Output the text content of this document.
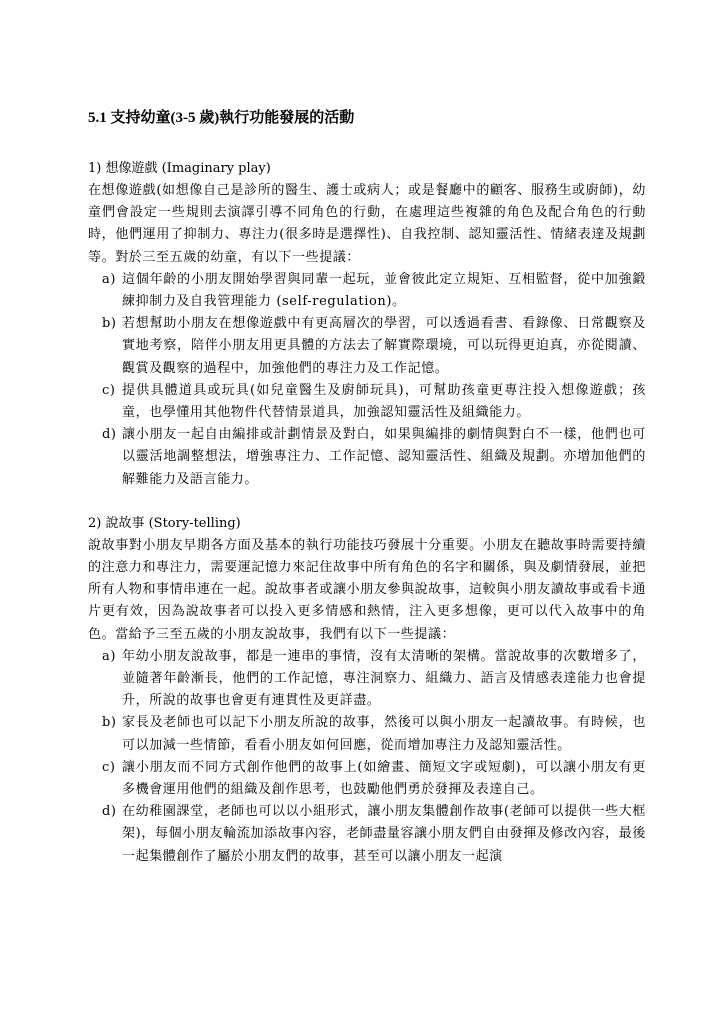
5.1 支持幼童(3-5 歲)執行功能發展的活動

1) 想像遊戲 (Imaginary play)

在想像遊戲(如想像自己是診所的醫生、護士或病人；或是餐廳中的顧客、服務生或廚師)，幼童們會設定一些規則去演譯引導不同角色的行動，在處理這些複雜的角色及配合角色的行動時，他們運用了抑制力、專注力(很多時是選擇性)、自我控制、認知靈活性、情緒表達及規劃等。對於三至五歲的幼童，有以下一些提議：

a) 這個年齡的小朋友開始學習與同輩一起玩，並會彼此定立規矩、互相監督，從中加強鍛練抑制力及自我管理能力 (self-regulation)。
b) 若想幫助小朋友在想像遊戲中有更高層次的學習，可以透過看書、看錄像、日常觀察及實地考察，陪伴小朋友用更具體的方法去了解實際環境，可以玩得更迫真，亦從閱讀、觀賞及觀察的過程中，加強他們的專注力及工作記憶。
c) 提供具體道具或玩具(如兒童醫生及廚師玩具)，可幫助孩童更專注投入想像遊戲；孩童，也學懂用其他物件代替情景道具，加強認知靈活性及組織能力。
d) 讓小朋友一起自由編排或計劃情景及對白，如果與編排的劇情與對白不一樣，他們也可以靈活地調整想法，增強專注力、工作記憶、認知靈活性、組織及規劃。亦增加他們的解難能力及語言能力。

2) 說故事 (Story-telling)

說故事對小朋友早期各方面及基本的執行功能技巧發展十分重要。小朋友在聽故事時需要持續的注意力和專注力，需要運記憶力來記住故事中所有角色的名字和關係，與及劇情發展，並把所有人物和事情串連在一起。說故事者或讓小朋友參與說故事，這較與小朋友讀故事或看卡通片更有效，因為說故事者可以投入更多情感和熱情，注入更多想像，更可以代入故事中的角色。當給予三至五歲的小朋友說故事，我們有以下一些提議：

a) 年幼小朋友說故事，都是一連串的事情，沒有太清晰的架構。當說故事的次數增多了，並隨著年齡漸長，他們的工作記憶，專注洞察力、組織力、語言及情感表達能力也會提升，所說的故事也會更有連貫性及更詳盡。
b) 家長及老師也可以記下小朋友所說的故事，然後可以與小朋友一起讀故事。有時候，也可以加減一些情節，看看小朋友如何回應，從而增加專注力及認知靈活性。
c) 讓小朋友而不同方式創作他們的故事上(如繪畫、簡短文字或短劇)，可以讓小朋友有更多機會運用他們的組織及創作思考，也鼓勵他們勇於發揮及表達自己。
d) 在幼稚園課堂，老師也可以以小組形式，讓小朋友集體創作故事(老師可以提供一些大框架)，每個小朋友輪流加添故事內容，老師盡量容讓小朋友們自由發揮及修改內容，最後一起集體創作了屬於小朋友們的故事，甚至可以讓小朋友一起演
